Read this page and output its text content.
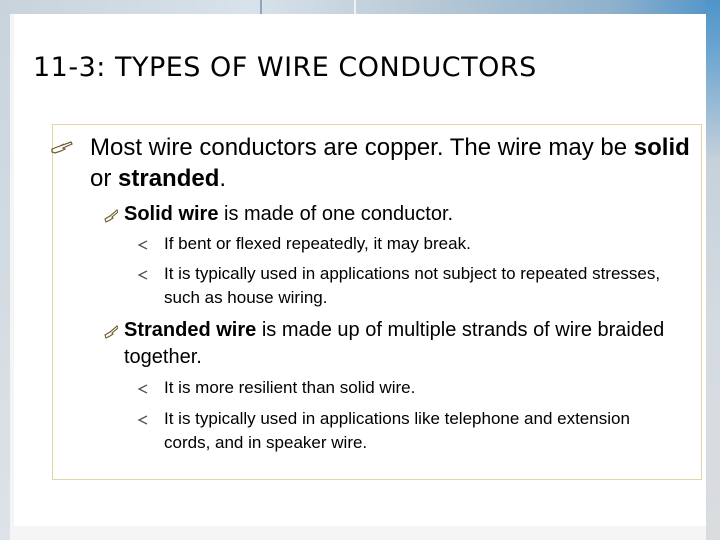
11-3: TYPES OF WIRE CONDUCTORS
Most wire conductors are copper. The wire may be solid or stranded.
Solid wire is made of one conductor.
If bent or flexed repeatedly, it may break.
It is typically used in applications not subject to repeated stresses, such as house wiring.
Stranded wire is made up of multiple strands of wire braided together.
It is more resilient than solid wire.
It is typically used in applications like telephone and extension cords, and in speaker wire.
